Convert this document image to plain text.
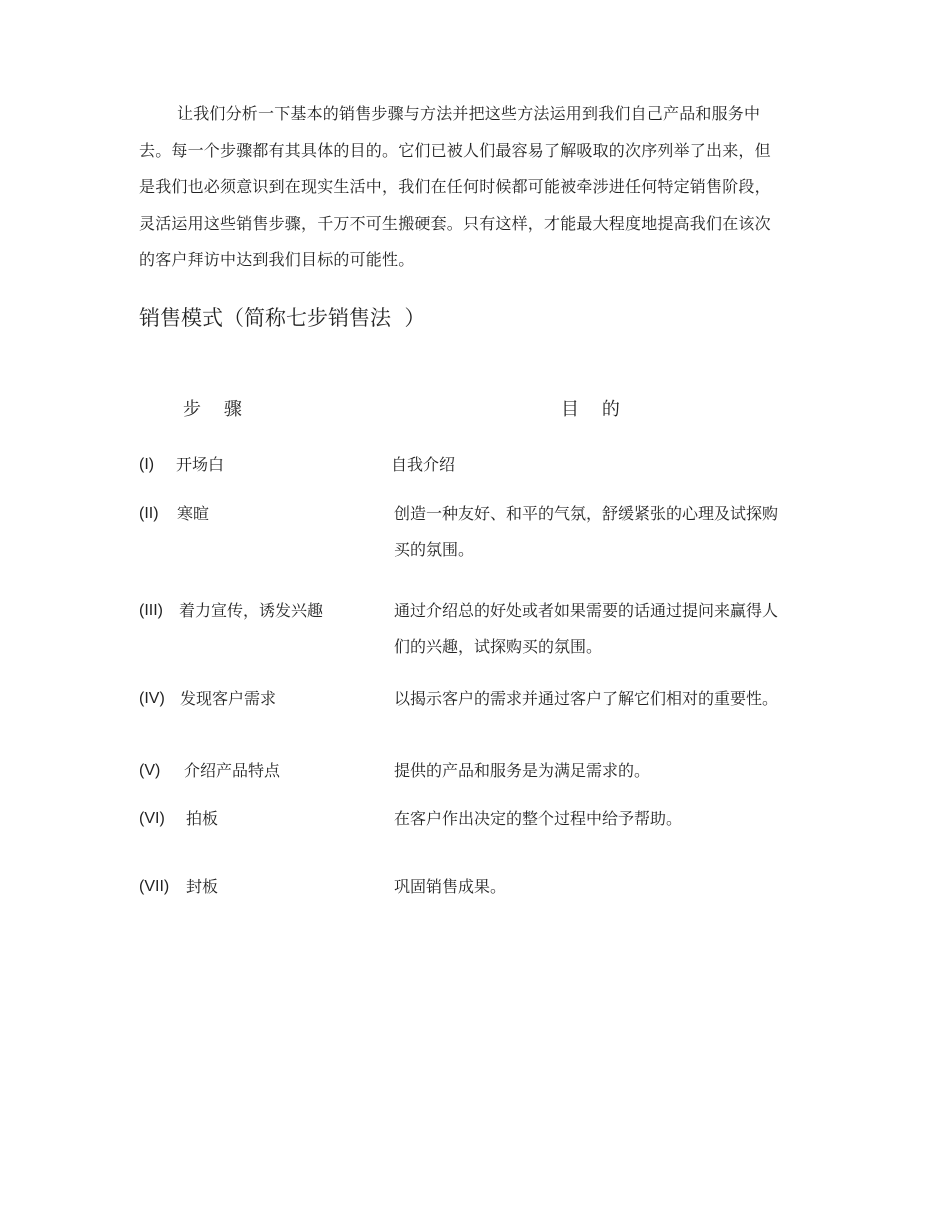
让我们分析一下基本的销售步骤与方法并把这些方法运用到我们自己产品和服务中去。每一个步骤都有其具体的目的。它们已被人们最容易了解吸取的次序列举了出来，但是我们也必须意识到在现实生活中，我们在任何时候都可能被牵涉进任何特定销售阶段，灵活运用这些销售步骤，千万不可生搬硬套。只有这样，才能最大程度地提高我们在该次的客户拜访中达到我们目标的可能性。

销售模式（简称七步销售法  ）
步    骤	目    的
(I) 开场白	自我介绍
(II) 寒暄	创造一种友好、和平的气氛，舒缓紧张的心理及试探购买的氛围。
(III) 着力宣传，诱发兴趣	通过介绍总的好处或者如果需要的话通过提问来赢得人们的兴趣，试探购买的氛围。
(IV) 发现客户需求	以揭示客户的需求并通过客户了解它们相对的重要性。
(V) 介绍产品特点	提供的产品和服务是为满足需求的。
(VI) 拍板	在客户作出决定的整个过程中给予帮助。
(VII) 封板	巩固销售成果。
